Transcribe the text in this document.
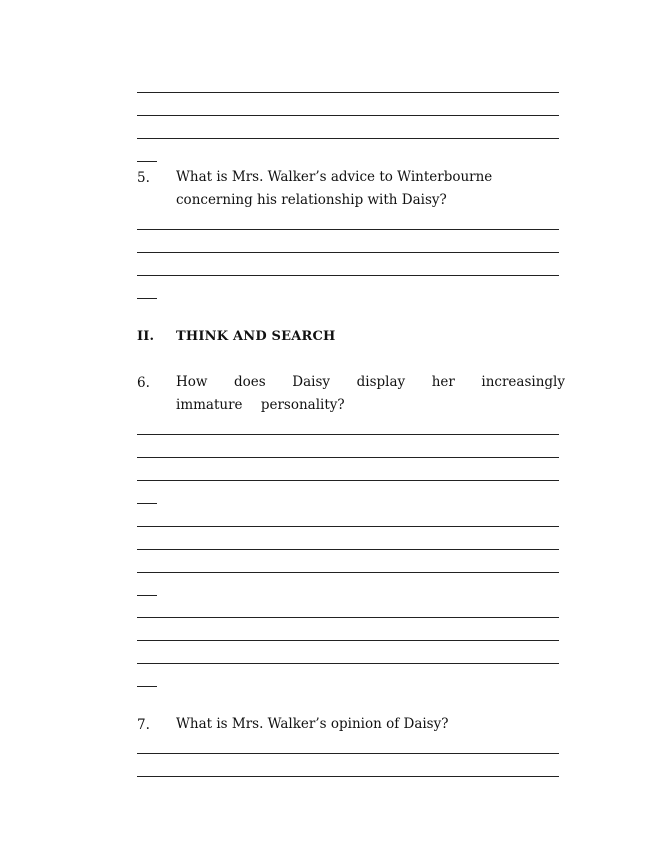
5. What is Mrs. Walker’s advice to Winterbourne concerning his relationship with Daisy?
II. THINK AND SEARCH
6. How does Daisy display her increasingly immature personality?
7. What is Mrs. Walker’s opinion of Daisy?
